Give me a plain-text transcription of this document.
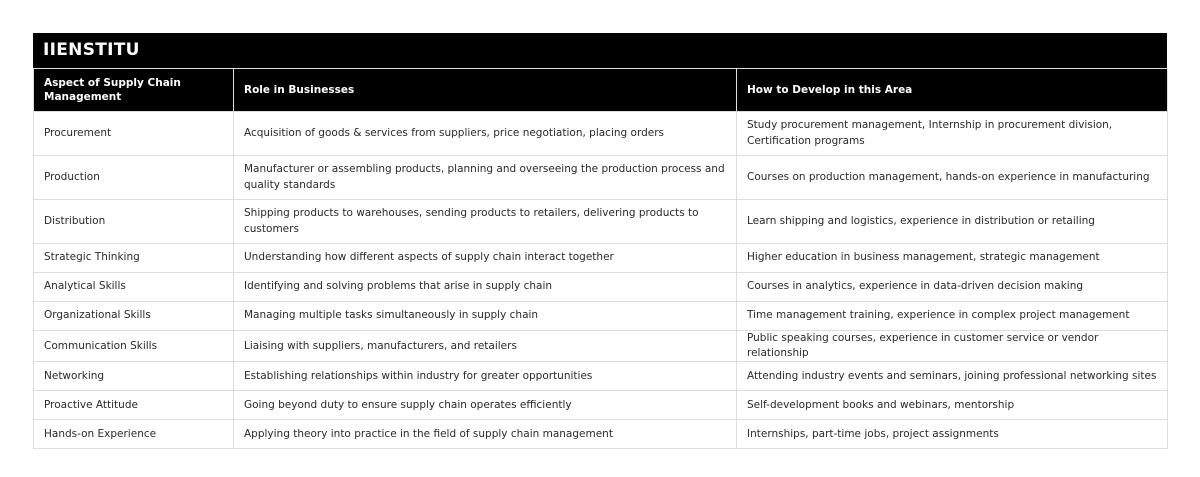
IIENSTITU
Aspect of Supply Chain Management	Role in Businesses	How to Develop in this Area
Procurement	Acquisition of goods & services from suppliers, price negotiation, placing orders	Study procurement management, Internship in procurement division, Certification programs
Production	Manufacturer or assembling products, planning and overseeing the production process and quality standards	Courses on production management, hands-on experience in manufacturing
Distribution	Shipping products to warehouses, sending products to retailers, delivering products to customers	Learn shipping and logistics, experience in distribution or retailing
Strategic Thinking	Understanding how different aspects of supply chain interact together	Higher education in business management, strategic management
Analytical Skills	Identifying and solving problems that arise in supply chain	Courses in analytics, experience in data-driven decision making
Organizational Skills	Managing multiple tasks simultaneously in supply chain	Time management training, experience in complex project management
Communication Skills	Liaising with suppliers, manufacturers, and retailers	Public speaking courses, experience in customer service or vendor relationship
Networking	Establishing relationships within industry for greater opportunities	Attending industry events and seminars, joining professional networking sites
Proactive Attitude	Going beyond duty to ensure supply chain operates efficiently	Self-development books and webinars, mentorship
Hands-on Experience	Applying theory into practice in the field of supply chain management	Internships, part-time jobs, project assignments
